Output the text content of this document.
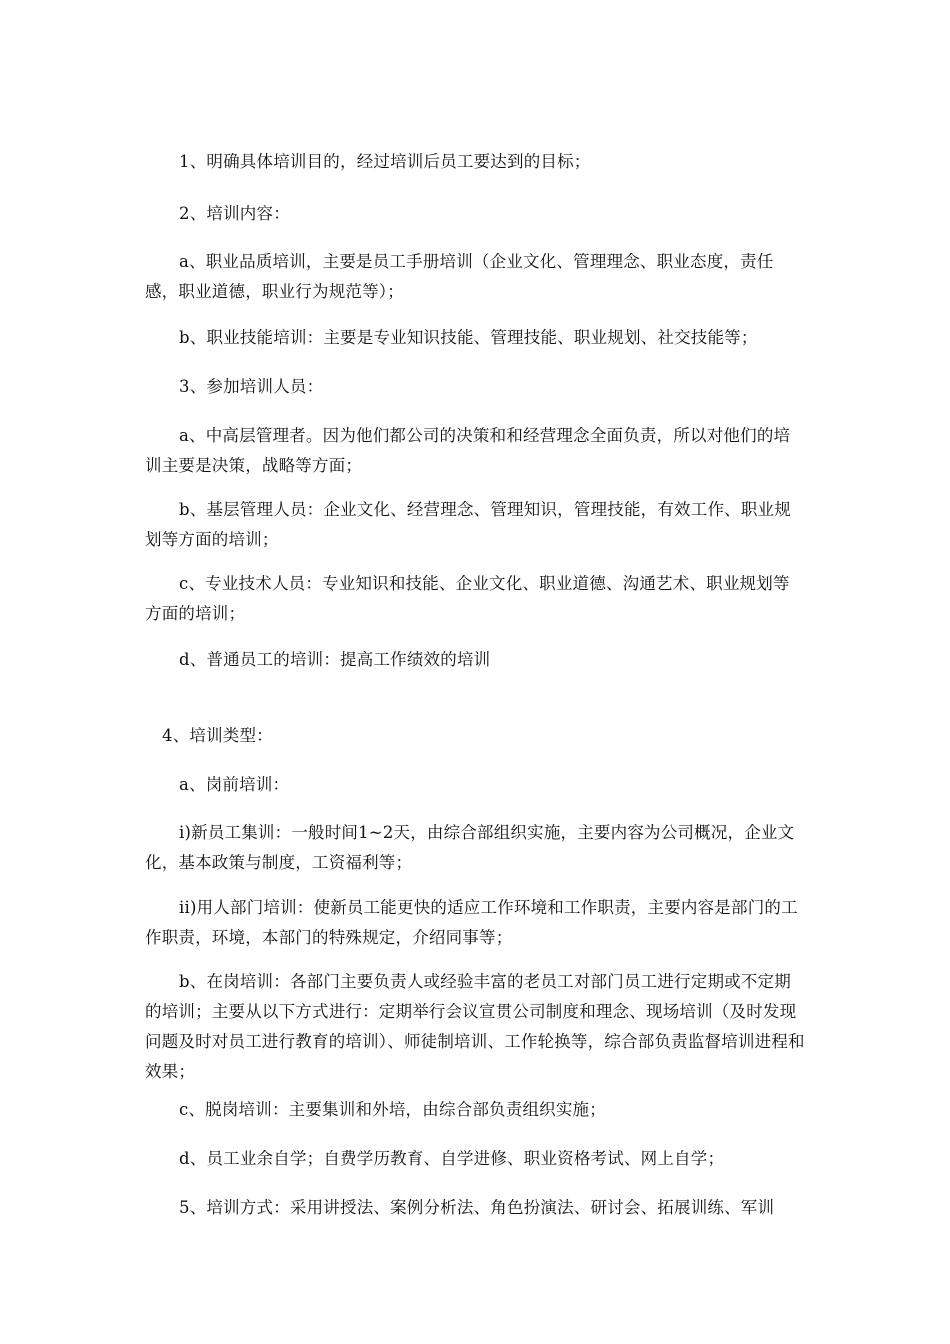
1、明确具体培训目的，经过培训后员工要达到的目标；

2、培训内容：

a、职业品质培训，主要是员工手册培训（企业文化、管理理念、职业态度，责任感，职业道德，职业行为规范等）；

b、职业技能培训：主要是专业知识技能、管理技能、职业规划、社交技能等；

3、参加培训人员：

a、中高层管理者。因为他们都公司的决策和和经营理念全面负责，所以对他们的培训主要是决策，战略等方面；

b、基层管理人员：企业文化、经营理念、管理知识，管理技能，有效工作、职业规划等方面的培训；

c、专业技术人员：专业知识和技能、企业文化、职业道德、沟通艺术、职业规划等方面的培训；

d、普通员工的培训：提高工作绩效的培训

4、培训类型：

a、岗前培训：

i)新员工集训：一般时间1~2天，由综合部组织实施，主要内容为公司概况，企业文化，基本政策与制度，工资福利等；

ii)用人部门培训：使新员工能更快的适应工作环境和工作职责，主要内容是部门的工作职责，环境，本部门的特殊规定，介绍同事等；

b、在岗培训：各部门主要负责人或经验丰富的老员工对部门员工进行定期或不定期的培训；主要从以下方式进行：定期举行会议宣贯公司制度和理念、现场培训（及时发现问题及时对员工进行教育的培训）、师徒制培训、工作轮换等，综合部负责监督培训进程和效果；

c、脱岗培训：主要集训和外培，由综合部负责组织实施；

d、员工业余自学；自费学历教育、自学进修、职业资格考试、网上自学；

5、培训方式：采用讲授法、案例分析法、角色扮演法、研讨会、拓展训练、军训
